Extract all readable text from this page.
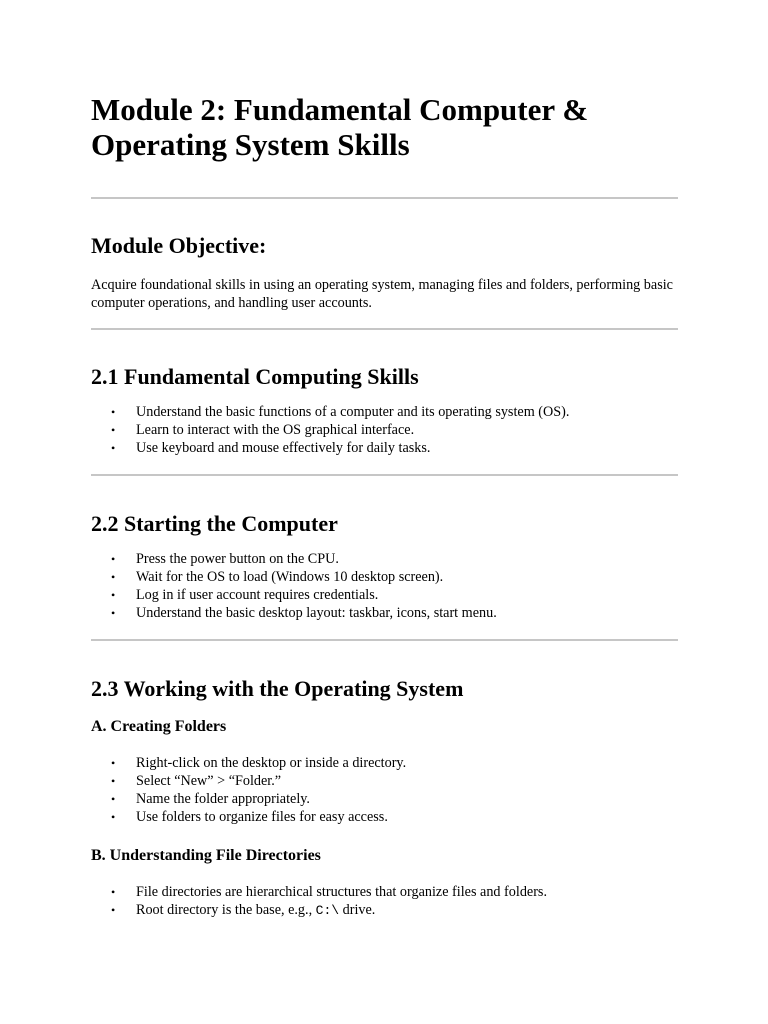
Module 2: Fundamental Computer & Operating System Skills
Module Objective:

Acquire foundational skills in using an operating system, managing files and folders, performing basic computer operations, and handling user accounts.

2.1 Fundamental Computing Skills
• Understand the basic functions of a computer and its operating system (OS).
• Learn to interact with the OS graphical interface.
• Use keyboard and mouse effectively for daily tasks.
2.2 Starting the Computer
• Press the power button on the CPU.
• Wait for the OS to load (Windows 10 desktop screen).
• Log in if user account requires credentials.
• Understand the basic desktop layout: taskbar, icons, start menu.
2.3 Working with the Operating System
A. Creating Folders
• Right-click on the desktop or inside a directory.
• Select “New” > “Folder.”
• Name the folder appropriately.
• Use folders to organize files for easy access.
B. Understanding File Directories
• File directories are hierarchical structures that organize files and folders.
• Root directory is the base, e.g., C:\ drive.
